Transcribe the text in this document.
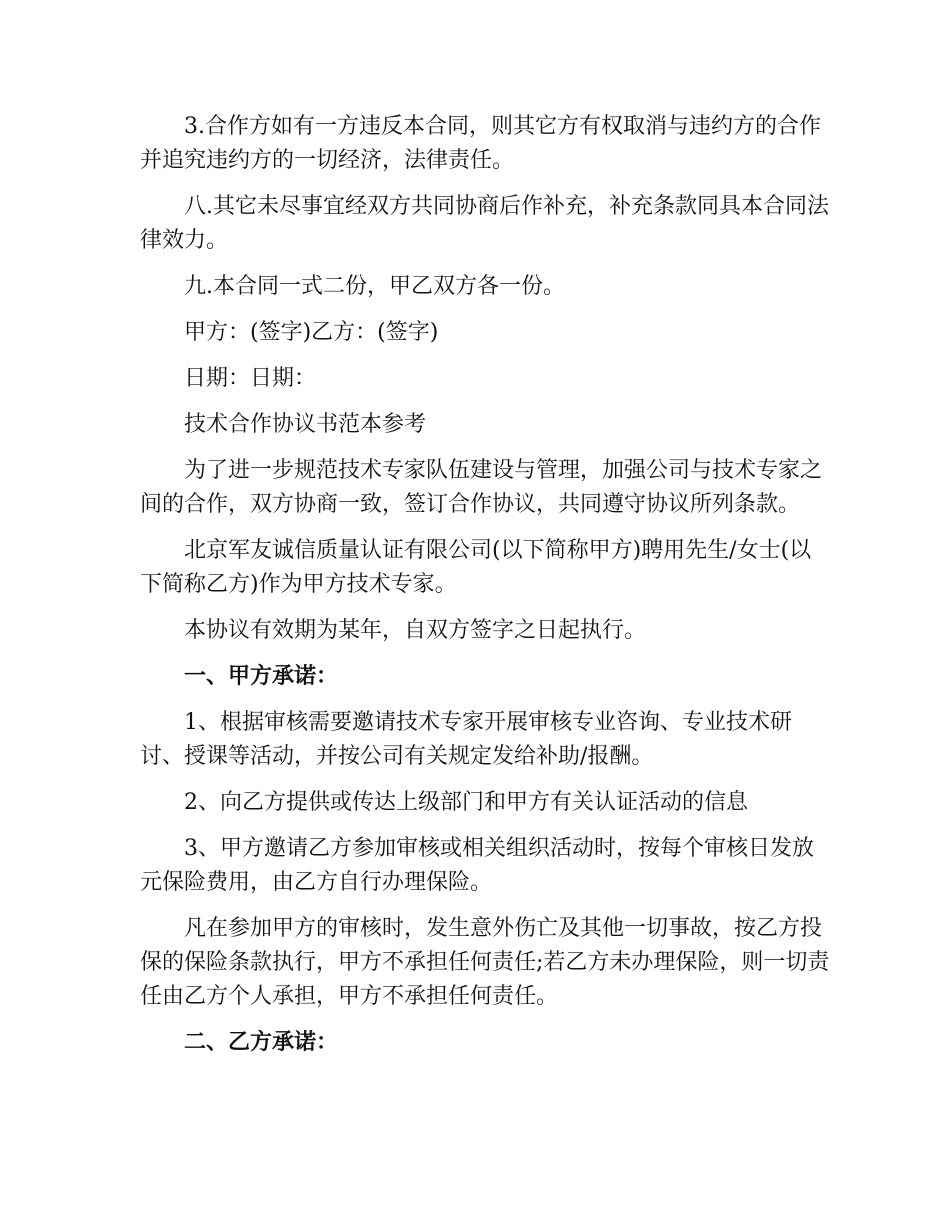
3.合作方如有一方违反本合同，则其它方有权取消与违约方的合作并追究违约方的一切经济，法律责任。

八.其它未尽事宜经双方共同协商后作补充，补充条款同具本合同法律效力。

九.本合同一式二份，甲乙双方各一份。

甲方：(签字)乙方：(签字)

日期：日期：

技术合作协议书范本参考

为了进一步规范技术专家队伍建设与管理，加强公司与技术专家之间的合作，双方协商一致，签订合作协议，共同遵守协议所列条款。

北京军友诚信质量认证有限公司(以下简称甲方)聘用先生/女士(以下简称乙方)作为甲方技术专家。

本协议有效期为某年，自双方签字之日起执行。

一、甲方承诺：

1、根据审核需要邀请技术专家开展审核专业咨询、专业技术研讨、授课等活动，并按公司有关规定发给补助/报酬。

2、向乙方提供或传达上级部门和甲方有关认证活动的信息

3、甲方邀请乙方参加审核或相关组织活动时，按每个审核日发放元保险费用，由乙方自行办理保险。

凡在参加甲方的审核时，发生意外伤亡及其他一切事故，按乙方投保的保险条款执行，甲方不承担任何责任;若乙方未办理保险，则一切责任由乙方个人承担，甲方不承担任何责任。

二、乙方承诺：
